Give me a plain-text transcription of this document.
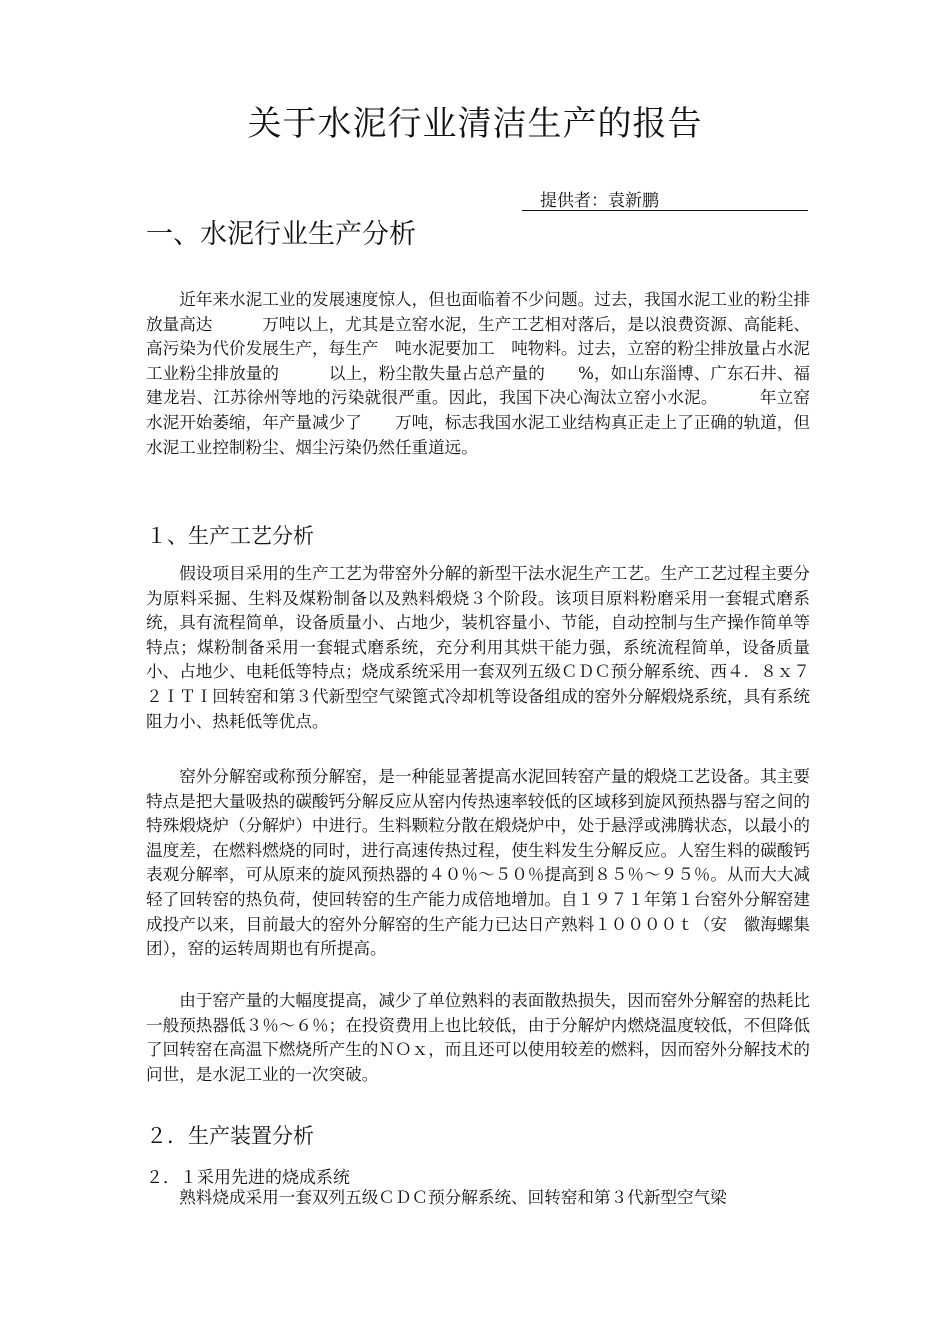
关于水泥行业清洁生产的报告
提供者：袁新鹏
一、水泥行业生产分析

近年来水泥工业的发展速度惊人，但也面临着不少问题。过去，我国水泥工业的粉尘排放量高达　　　万吨以上，尤其是立窑水泥，生产工艺相对落后，是以浪费资源、高能耗、高污染为代价发展生产，每生产　吨水泥要加工　吨物料。过去，立窑的粉尘排放量占水泥工业粉尘排放量的　　　以上，粉尘散失量占总产量的　　%，如山东淄博、广东石井、福建龙岩、江苏徐州等地的污染就很严重。因此，我国下决心淘汰立窑小水泥。　　　年立窑水泥开始萎缩，年产量减少了　　万吨，标志我国水泥工业结构真正走上了正确的轨道，但水泥工业控制粉尘、烟尘污染仍然任重道远。

１、生产工艺分析

假设项目采用的生产工艺为带窑外分解的新型干法水泥生产工艺。生产工艺过程主要分为原料采掘、生料及煤粉制备以及熟料煅烧３个阶段。该项目原料粉磨采用一套辊式磨系统，具有流程简单，设备质量小、占地少，装机容量小、节能，自动控制与生产操作简单等特点；煤粉制备采用一套辊式磨系统，充分利用其烘干能力强，系统流程简单，设备质量小、占地少、电耗低等特点；烧成系统采用一套双列五级ＣＤＣ预分解系统、西４．８ｘ７２ＩＴＩ回转窑和第３代新型空气梁篦式冷却机等设备组成的窑外分解煅烧系统，具有系统阻力小、热耗低等优点。

窑外分解窑或称预分解窑，是一种能显著提高水泥回转窑产量的煅烧工艺设备。其主要特点是把大量吸热的碳酸钙分解反应从窑内传热速率较低的区域移到旋风预热器与窑之间的特殊煅烧炉（分解炉）中进行。生料颗粒分散在煅烧炉中，处于悬浮或沸腾状态，以最小的温度差，在燃料燃烧的同时，进行高速传热过程，使生料发生分解反应。人窑生料的碳酸钙表观分解率，可从原来的旋风预热器的４０％～５０％提高到８５％～９５％。从而大大减轻了回转窑的热负荷，使回转窑的生产能力成倍地增加。自１９７１年第１台窑外分解窑建成投产以来，目前最大的窑外分解窑的生产能力已达日产熟料１００００ｔ（安　徽海螺集团），窑的运转周期也有所提高。

由于窑产量的大幅度提高，减少了单位熟料的表面散热损失，因而窑外分解窑的热耗比一般预热器低３％～６％；在投资费用上也比较低，由于分解炉内燃烧温度较低，不但降低了回转窑在高温下燃烧所产生的ＮＯｘ，而且还可以使用较差的燃料，因而窑外分解技术的问世，是水泥工业的一次突破。

２．生产装置分析
２．１采用先进的烧成系统

熟料烧成采用一套双列五级ＣＤＣ预分解系统、回转窑和第３代新型空气梁
